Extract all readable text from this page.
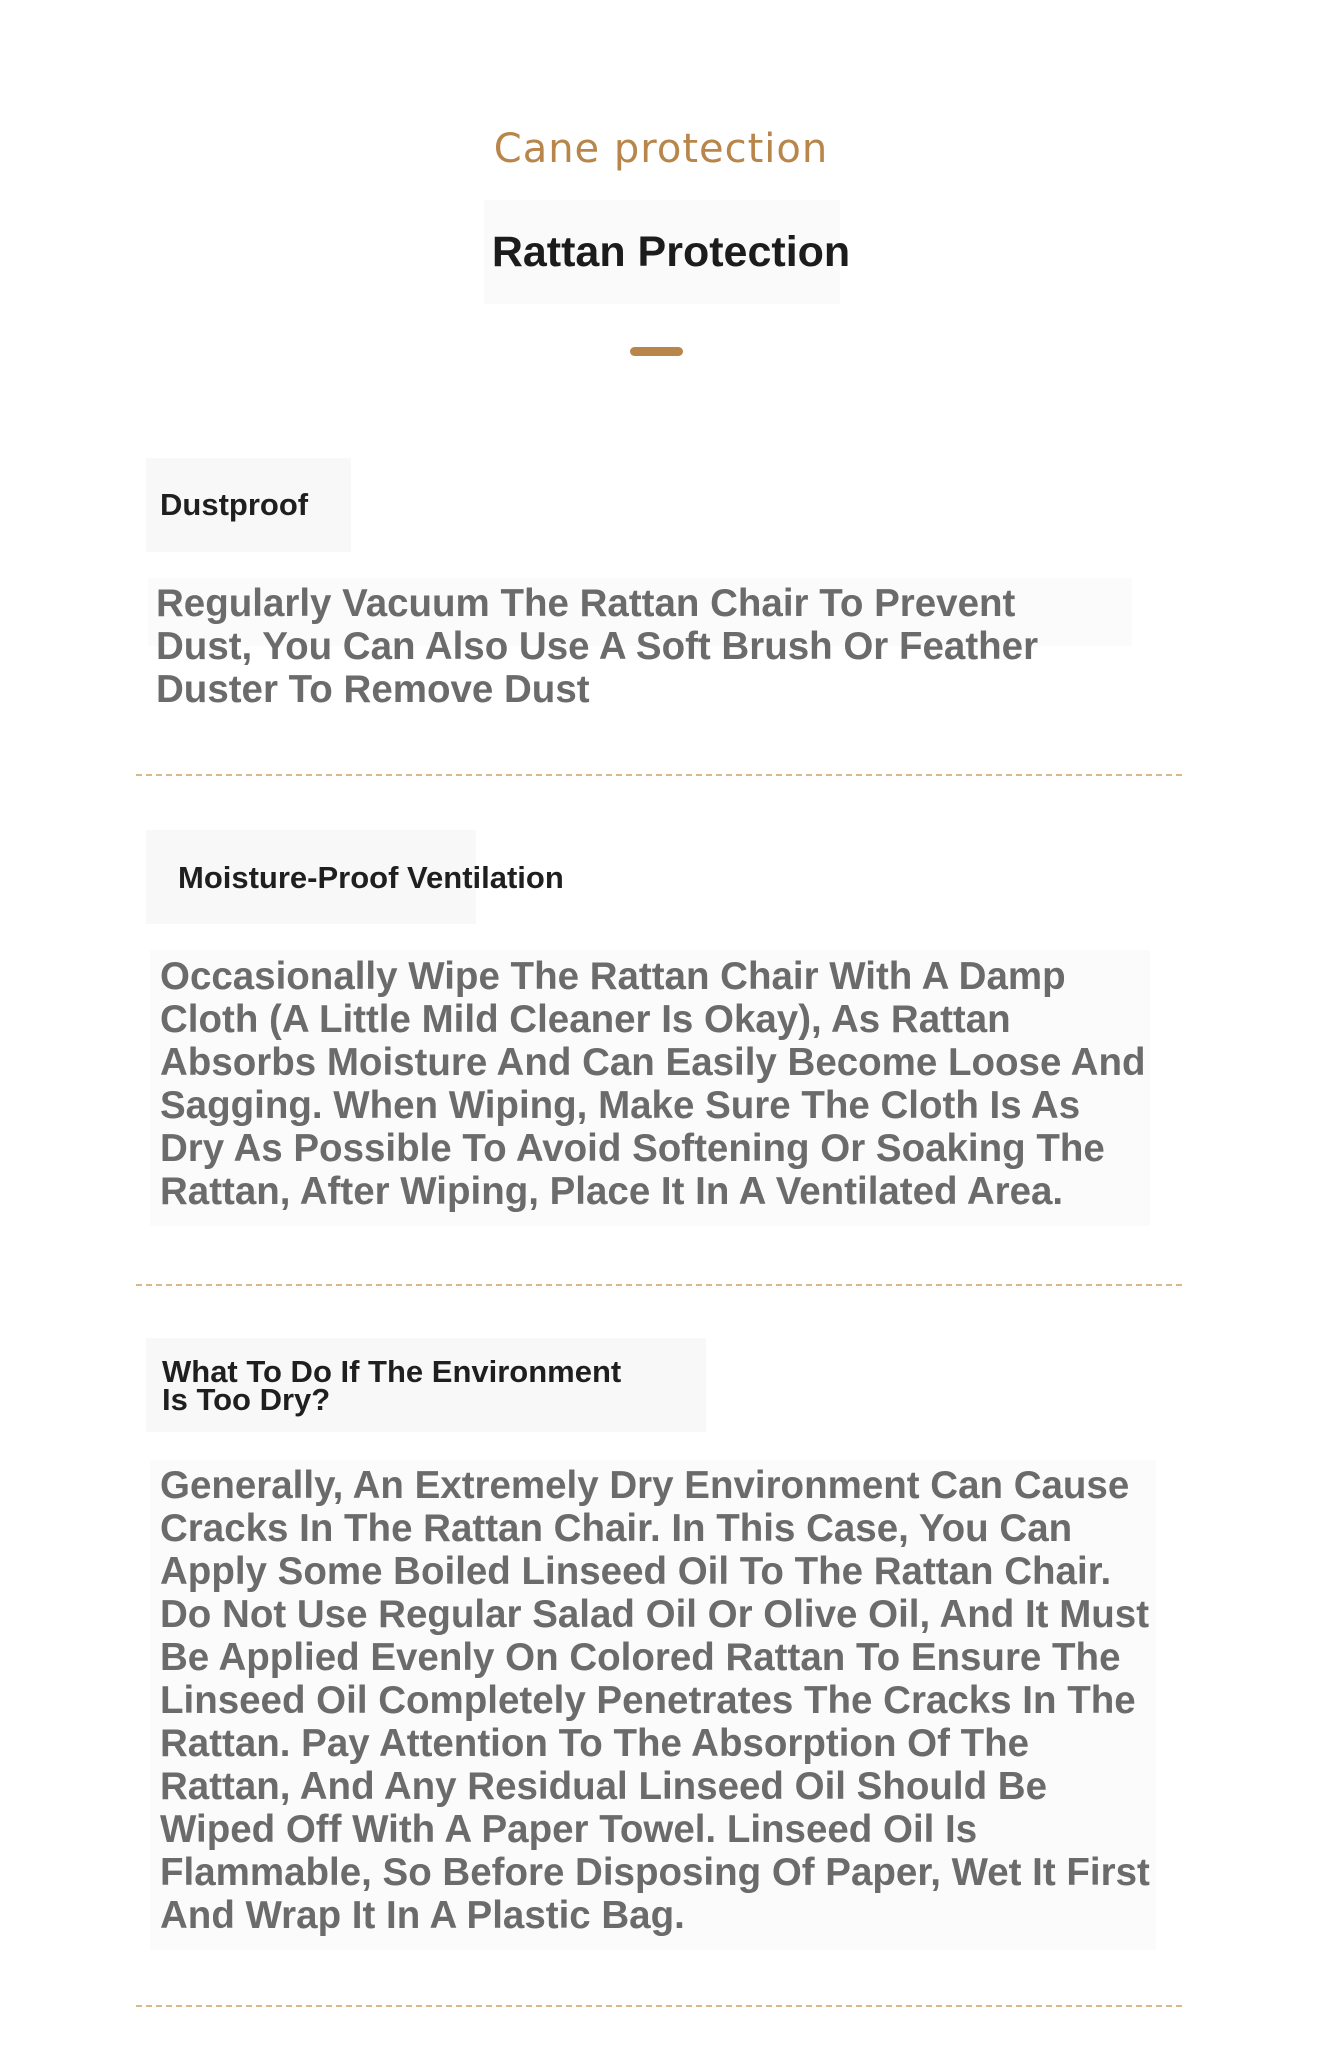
Cane protection
Rattan Protection
Dustproof
Regularly Vacuum The Rattan Chair To Prevent
Dust, You Can Also Use A Soft Brush Or Feather
Duster To Remove Dust
Moisture-Proof Ventilation
Occasionally Wipe The Rattan Chair With A Damp
Cloth (A Little Mild Cleaner Is Okay), As Rattan
Absorbs Moisture And Can Easily Become Loose And
Sagging. When Wiping, Make Sure The Cloth Is As
Dry As Possible To Avoid Softening Or Soaking The
Rattan, After Wiping, Place It In A Ventilated Area.
What To Do If The Environment
Is Too Dry?
Generally, An Extremely Dry Environment Can Cause
Cracks In The Rattan Chair. In This Case, You Can
Apply Some Boiled Linseed Oil To The Rattan Chair.
Do Not Use Regular Salad Oil Or Olive Oil, And It Must
Be Applied Evenly On Colored Rattan To Ensure The
Linseed Oil Completely Penetrates The Cracks In The
Rattan. Pay Attention To The Absorption Of The
Rattan, And Any Residual Linseed Oil Should Be
Wiped Off With A Paper Towel. Linseed Oil Is
Flammable, So Before Disposing Of Paper, Wet It First
And Wrap It In A Plastic Bag.
